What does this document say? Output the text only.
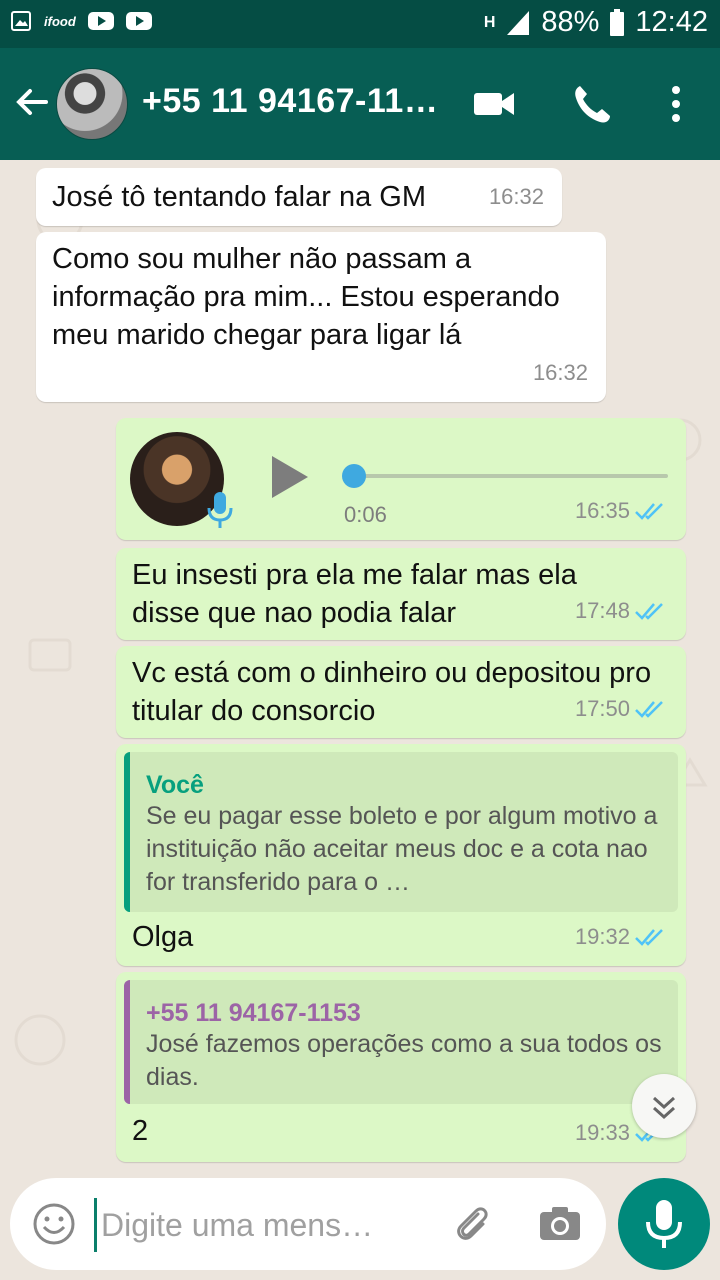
ifood	H 88% 12:42
+55 11 94167-11…
José tô tentando falar na GM	16:32
Como sou mulher não passam a informação pra mim... Estou esperando meu marido chegar para ligar lá
16:32
0:06	16:35
Eu insesti pra ela me falar mas ela disse que nao podia falar	17:48
Vc está com o dinheiro ou depositou pro titular do consorcio	17:50
Você
Se eu pagar esse boleto e por algum motivo a instituição não aceitar meus doc e a cota nao for transferido para o …
Olga	19:32
+55 11 94167-1153
José fazemos operações como a sua todos os dias.
2	19:33
Digite uma mens…
